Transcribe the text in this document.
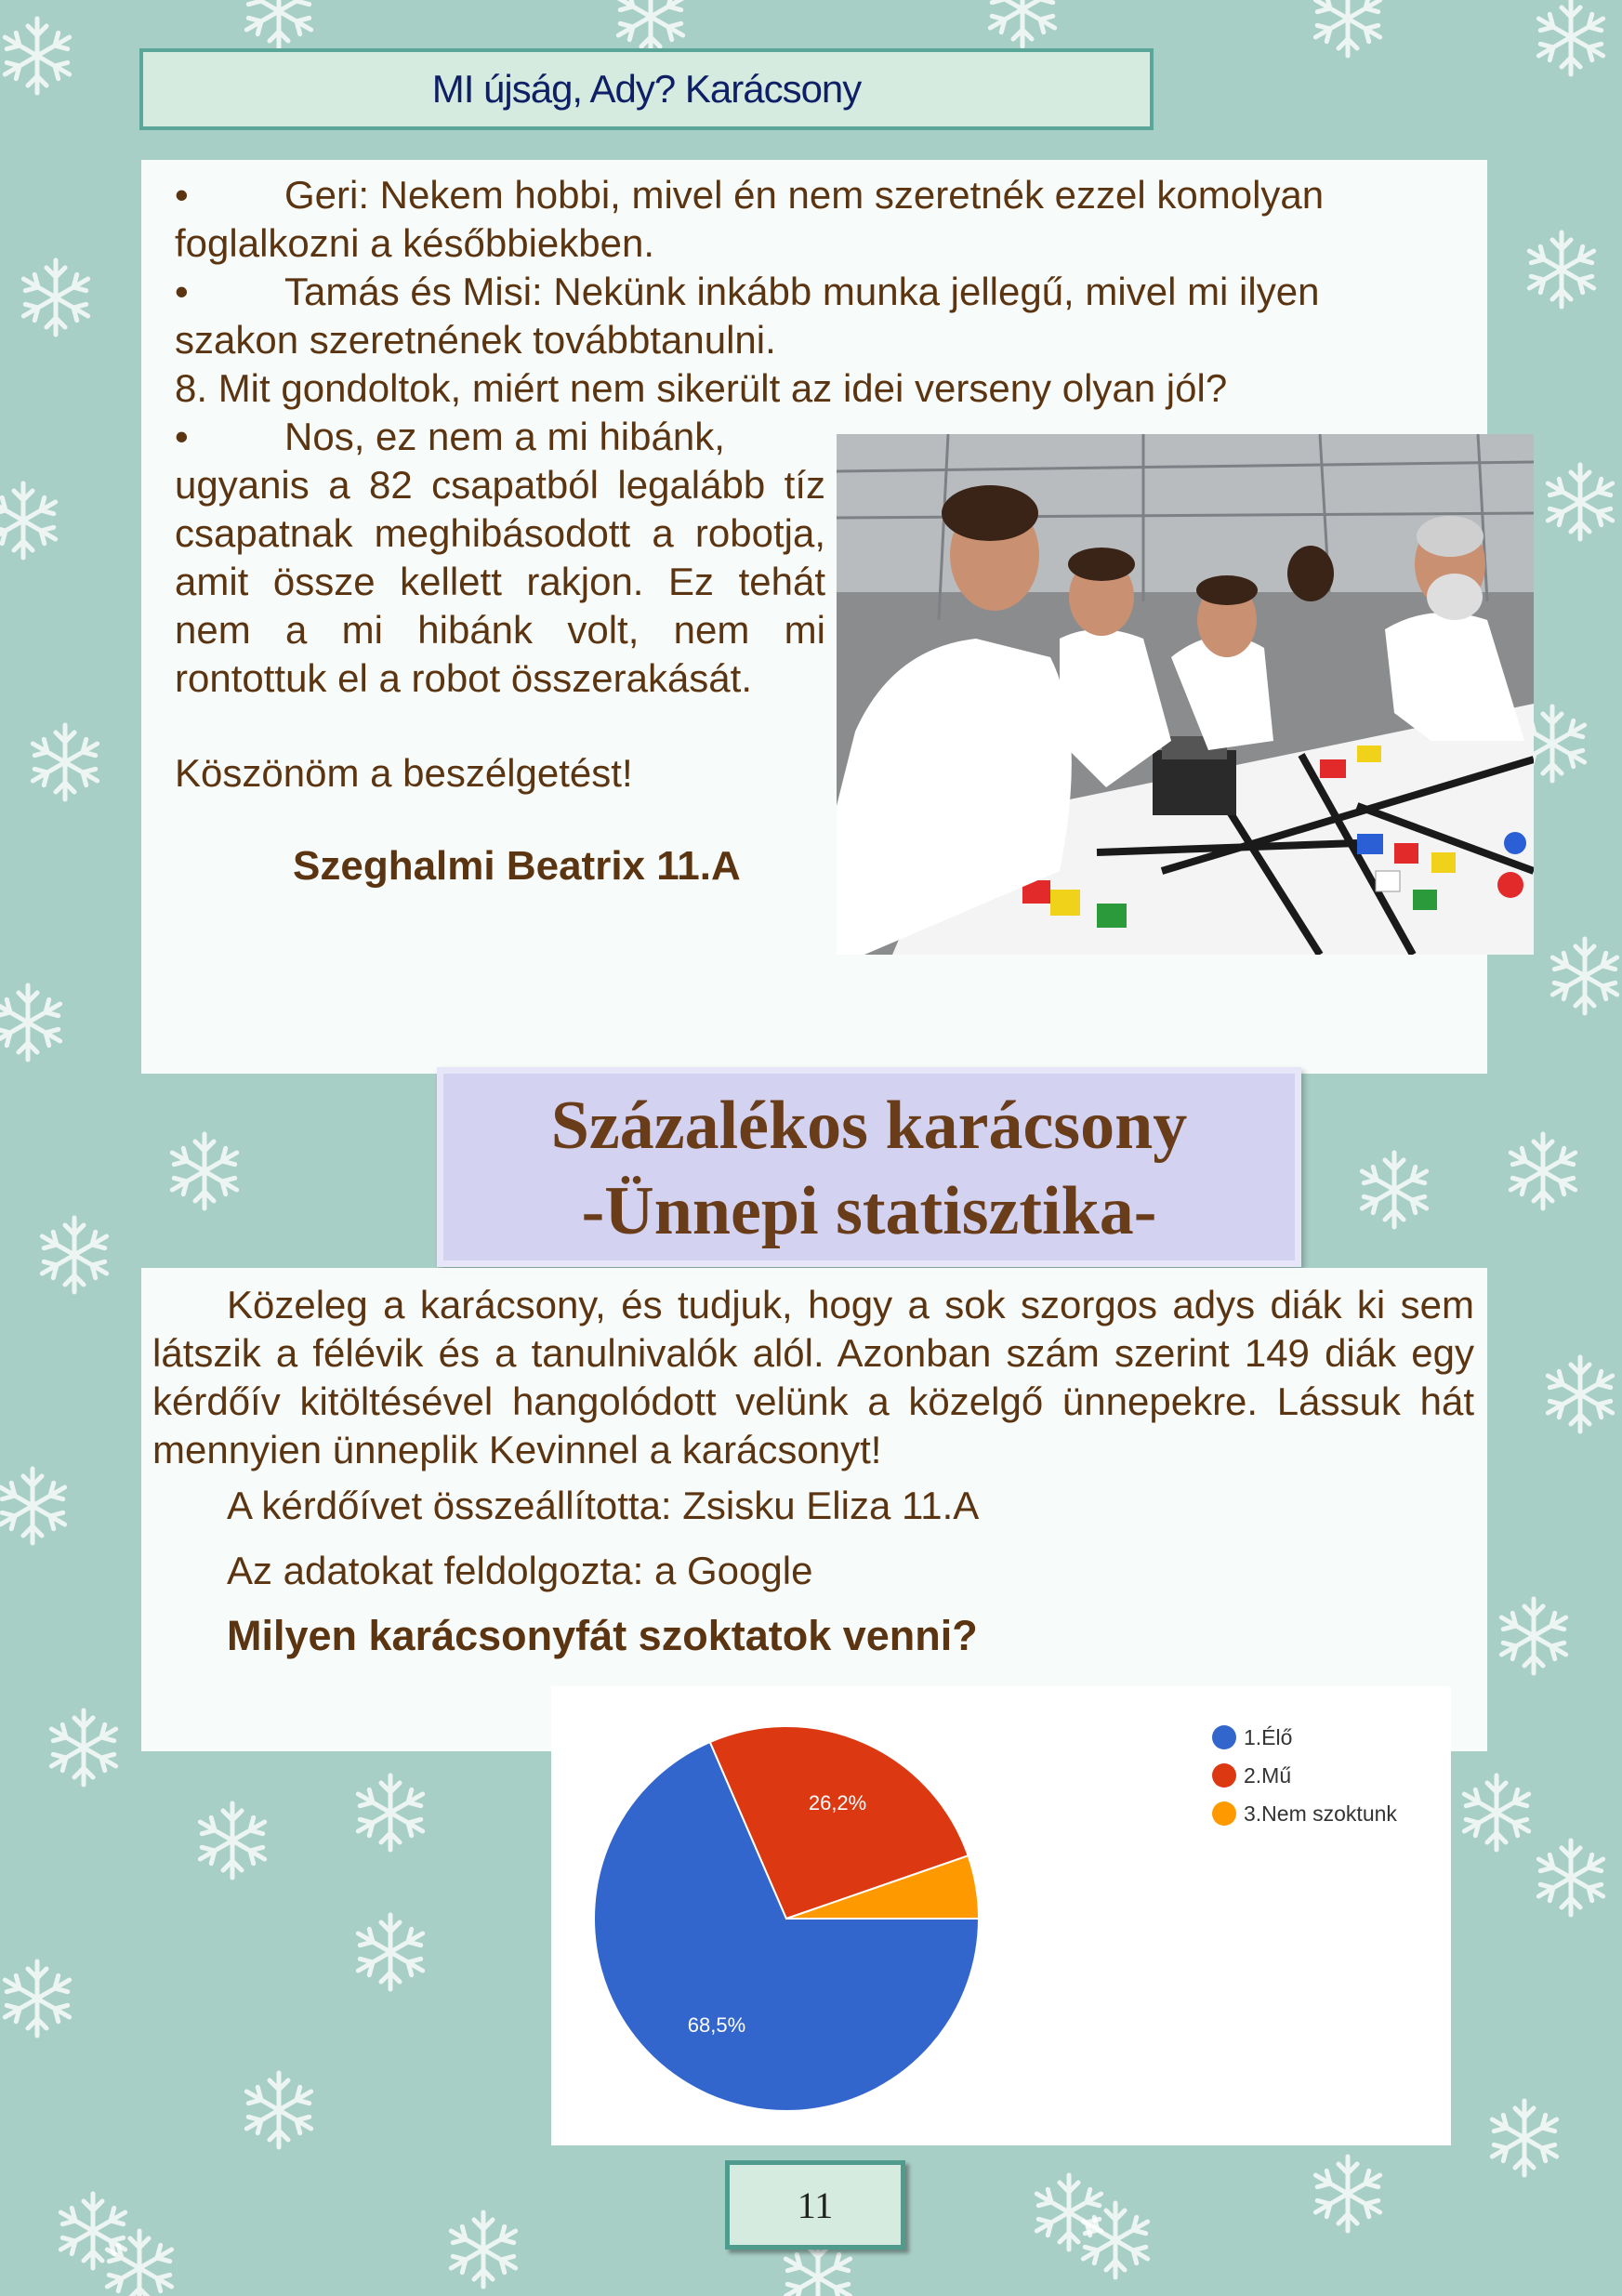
MI újság, Ady? Karácsony

• Geri: Nekem hobbi, mivel én nem szeretnék ezzel komolyan

foglalkozni a későbbiekben.

• Tamás és Misi: Nekünk inkább munka jellegű, mivel mi ilyen

szakon szeretnének továbbtanulni.

8. Mit gondoltok, miért nem sikerült az idei verseny olyan jól?

• Nos, ez nem a mi hibánk,

ugyanis a 82 csapatból legalább tíz csapatnak meghibásodott a robotja, amit össze kellett rakjon. Ez tehát nem a mi hibánk volt, nem mi rontottuk el a robot összerakását.

Köszönöm a beszélgetést!
Szeghalmi Beatrix 11.A
Százalékos karácsony
-Ünnepi statisztika-

Közeleg a karácsony, és tudjuk, hogy a sok szorgos adys diák ki sem látszik a félévik és a tanulnivalók alól. Azonban szám szerint 149 diák egy kérdőív kitöltésével hangolódott velünk a közelgő ünnepekre. Lássuk hát mennyien ünneplik Kevinnel a karácsonyt!

A kérdőívet összeállította: Zsisku Eliza 11.A
Az adatokat feldolgozta: a Google
Milyen karácsonyfát szoktatok venni?
68,5%
26,2%
1.Élő
2.Mű
3.Nem szoktunk
11
